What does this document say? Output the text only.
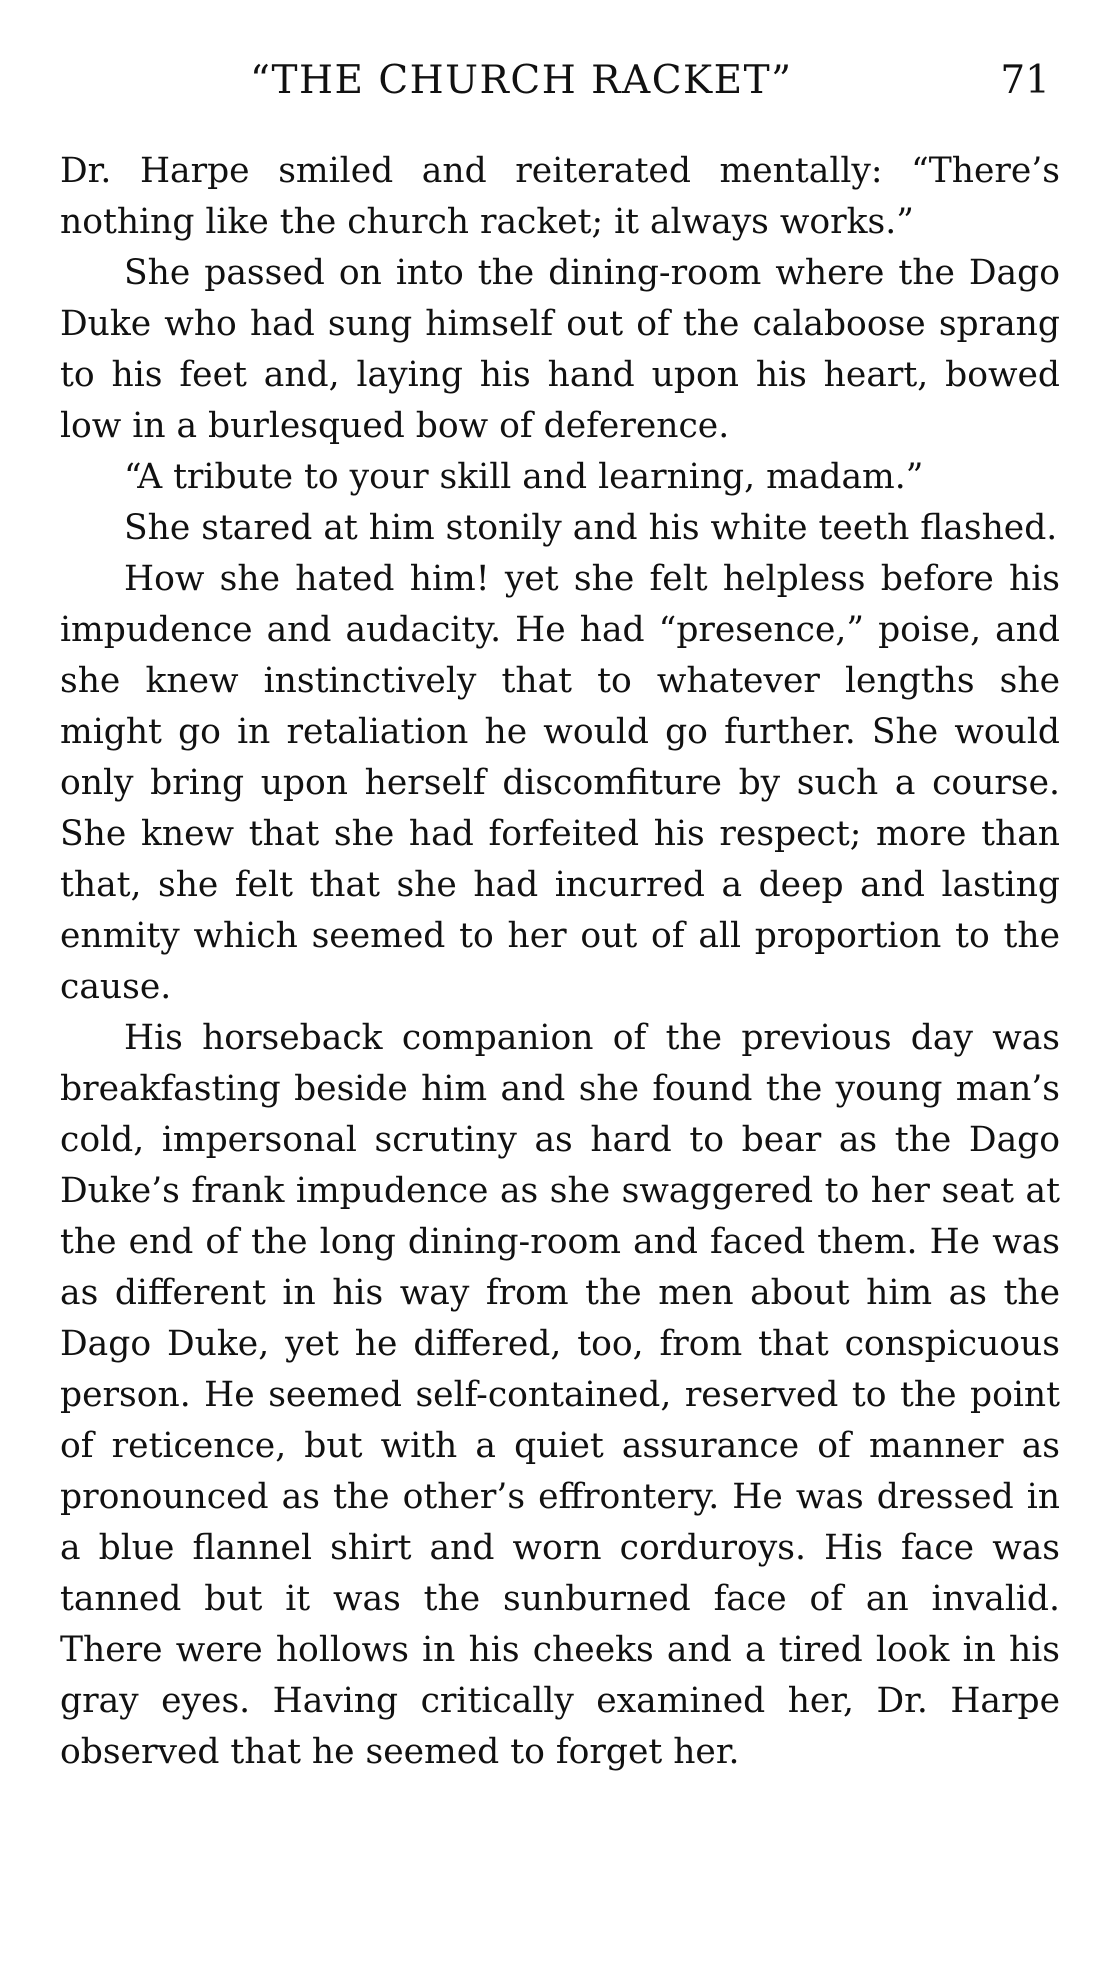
“THE CHURCH RACKET”	71

Dr. Harpe smiled and reiterated mentally: “There’s nothing like the church racket; it always works.”

She passed on into the dining-room where the Dago Duke who had sung himself out of the calaboose sprang to his feet and, laying his hand upon his heart, bowed low in a burlesqued bow of deference.

“A tribute to your skill and learning, madam.”

She stared at him stonily and his white teeth flashed.

How she hated him! yet she felt helpless before his impudence and audacity. He had “presence,” poise, and she knew instinctively that to whatever lengths she might go in retaliation he would go further. She would only bring upon herself discomfiture by such a course. She knew that she had forfeited his respect; more than that, she felt that she had incurred a deep and lasting enmity which seemed to her out of all proportion to the cause.

His horseback companion of the previous day was breakfasting beside him and she found the young man’s cold, impersonal scrutiny as hard to bear as the Dago Duke’s frank impudence as she swaggered to her seat at the end of the long dining-room and faced them. He was as different in his way from the men about him as the Dago Duke, yet he differed, too, from that conspicuous person. He seemed self-contained, reserved to the point of reticence, but with a quiet assurance of manner as pronounced as the other’s effrontery. He was dressed in a blue flannel shirt and worn corduroys. His face was tanned but it was the sunburned face of an invalid. There were hollows in his cheeks and a tired look in his gray eyes. Having critically examined her, Dr. Harpe observed that he seemed to forget her.
